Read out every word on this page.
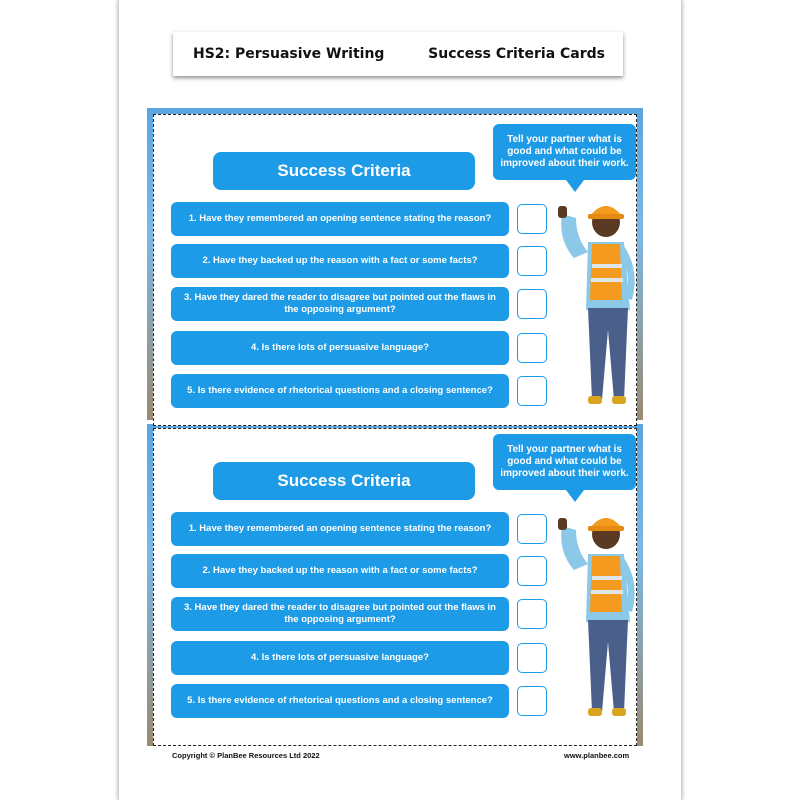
HS2: Persuasive Writing	Success Criteria Cards
Success Criteria
Tell your partner what is good and what could be improved about their work.
1. Have they remembered an opening sentence stating the reason?
2. Have they backed up the reason with a fact or some facts?
3. Have they dared the reader to disagree but pointed out the flaws in the opposing argument?
4. Is there lots of persuasive language?
5. Is there evidence of rhetorical questions and a closing sentence?
Success Criteria
Tell your partner what is good and what could be improved about their work.
1. Have they remembered an opening sentence stating the reason?
2. Have they backed up the reason with a fact or some facts?
3. Have they dared the reader to disagree but pointed out the flaws in the opposing argument?
4. Is there lots of persuasive language?
5. Is there evidence of rhetorical questions and a closing sentence?
Copyright © PlanBee Resources Ltd 2022	www.planbee.com
